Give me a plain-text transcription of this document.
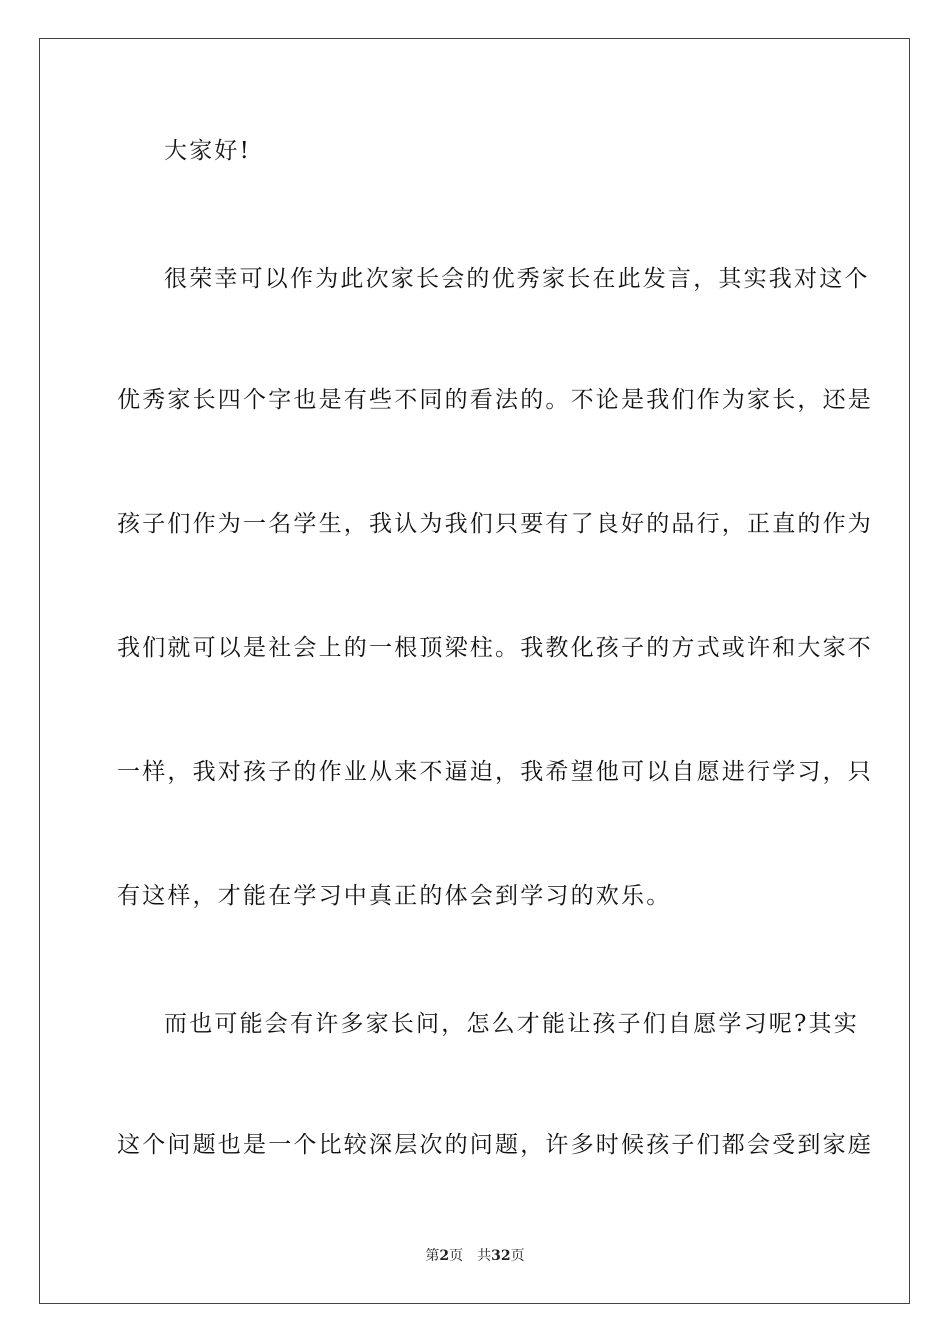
大家好!
很荣幸可以作为此次家长会的优秀家长在此发言，其实我对这个
优秀家长四个字也是有些不同的看法的。不论是我们作为家长，还是
孩子们作为一名学生，我认为我们只要有了良好的品行，正直的作为
我们就可以是社会上的一根顶梁柱。我教化孩子的方式或许和大家不
一样，我对孩子的作业从来不逼迫，我希望他可以自愿进行学习，只
有这样，才能在学习中真正的体会到学习的欢乐。
而也可能会有许多家长问，怎么才能让孩子们自愿学习呢?其实
这个问题也是一个比较深层次的问题，许多时候孩子们都会受到家庭
第2页 共32页
